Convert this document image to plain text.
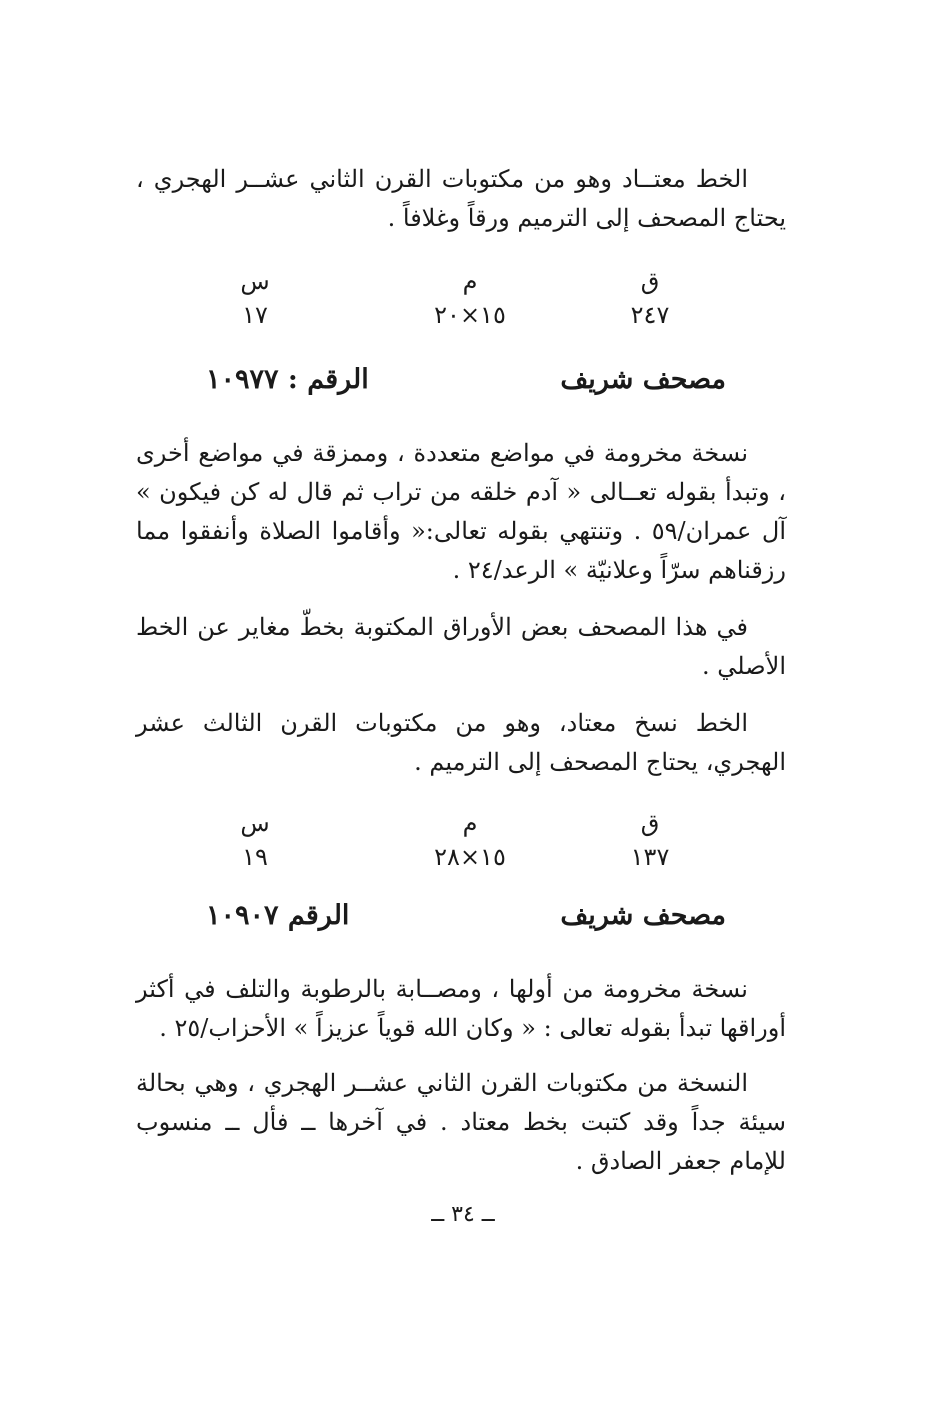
الخط معتــاد وهو من مكتوبات القرن الثاني عشــر الهجري ، يحتاج المصحف إلى الترميم ورقاً وغلافاً .

ق
٢٤٧
م
١٥×٢٠
س
١٧
مصحف شريف
الرقم : ١٠٩٧٧

نسخة مخرومة في مواضع متعددة ، وممزقة في مواضع أخرى ، وتبدأ بقوله تعــالى « آدم خلقه من تراب ثم قال له كن فيكون » آل عمران/٥٩ . وتنتهي بقوله تعالى:« وأقاموا الصلاة وأنفقوا مما رزقناهم سرّاً وعلانيّة » الرعد/٢٤ .

في هذا المصحف بعض الأوراق المكتوبة بخطّ مغاير عن الخط الأصلي .

الخط نسخ معتاد، وهو من مكتوبات القرن الثالث عشر الهجري، يحتاج المصحف إلى الترميم .

ق
١٣٧
م
١٥×٢٨
س
١٩
مصحف شريف
الرقم ١٠٩٠٧

نسخة مخرومة من أولها ، ومصــابة بالرطوبة والتلف في أكثر أوراقها تبدأ بقوله تعالى : « وكان الله قوياً عزيزاً » الأحزاب/٢٥ .

النسخة من مكتوبات القرن الثاني عشــر الهجري ، وهي بحالة سيئة جداً وقد كتبت بخط معتاد . في آخرها ــ فأل ــ منسوب للإمام جعفر الصادق .

ــ ٣٤ ــ
